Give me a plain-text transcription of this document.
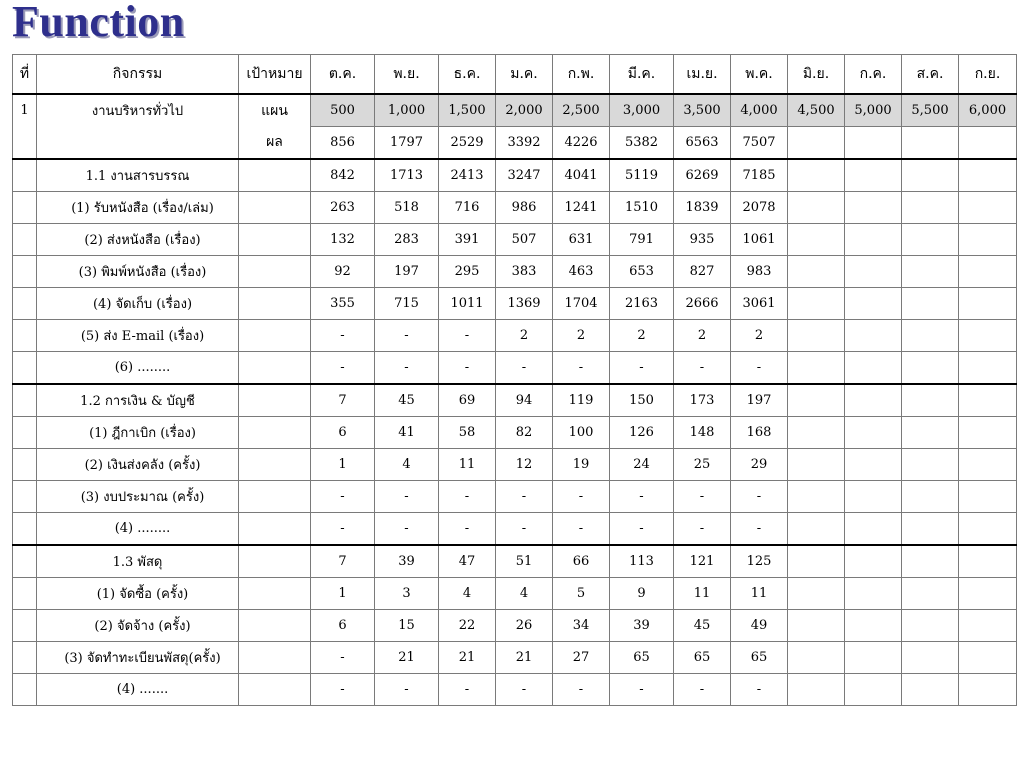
Function
ที่	กิจกรรม	เป้าหมาย	ต.ค.	พ.ย.	ธ.ค.	ม.ค.	ก.พ.	มี.ค.	เม.ย.	พ.ค.	มิ.ย.	ก.ค.	ส.ค.	ก.ย.
1	งานบริหารทั่วไป	แผน	500	1,000	1,500	2,000	2,500	3,000	3,500	4,000	4,500	5,000	5,500	6,000
		ผล	856	1797	2529	3392	4226	5382	6563	7507				
	1.1 งานสารบรรณ		842	1713	2413	3247	4041	5119	6269	7185				
	(1) รับหนังสือ (เรื่อง/เล่ม)		263	518	716	986	1241	1510	1839	2078				
	(2) ส่งหนังสือ (เรื่อง)		132	283	391	507	631	791	935	1061				
	(3) พิมพ์หนังสือ (เรื่อง)		92	197	295	383	463	653	827	983				
	(4) จัดเก็บ (เรื่อง)		355	715	1011	1369	1704	2163	2666	3061				
	(5) ส่ง E-mail (เรื่อง)		-	-	-	2	2	2	2	2				
	(6) ........		-	-	-	-	-	-	-	-				
	1.2 การเงิน & บัญชี		7	45	69	94	119	150	173	197				
	(1) ฎีกาเบิก (เรื่อง)		6	41	58	82	100	126	148	168				
	(2) เงินส่งคลัง (ครั้ง)		1	4	11	12	19	24	25	29				
	(3) งบประมาณ (ครั้ง)		-	-	-	-	-	-	-	-				
	(4) ........		-	-	-	-	-	-	-	-				
	1.3 พัสดุ		7	39	47	51	66	113	121	125				
	(1) จัดซื้อ (ครั้ง)		1	3	4	4	5	9	11	11				
	(2) จัดจ้าง (ครั้ง)		6	15	22	26	34	39	45	49				
	(3) จัดทำทะเบียนพัสดุ(ครั้ง)		-	21	21	21	27	65	65	65				
	(4) .......		-	-	-	-	-	-	-	-				
